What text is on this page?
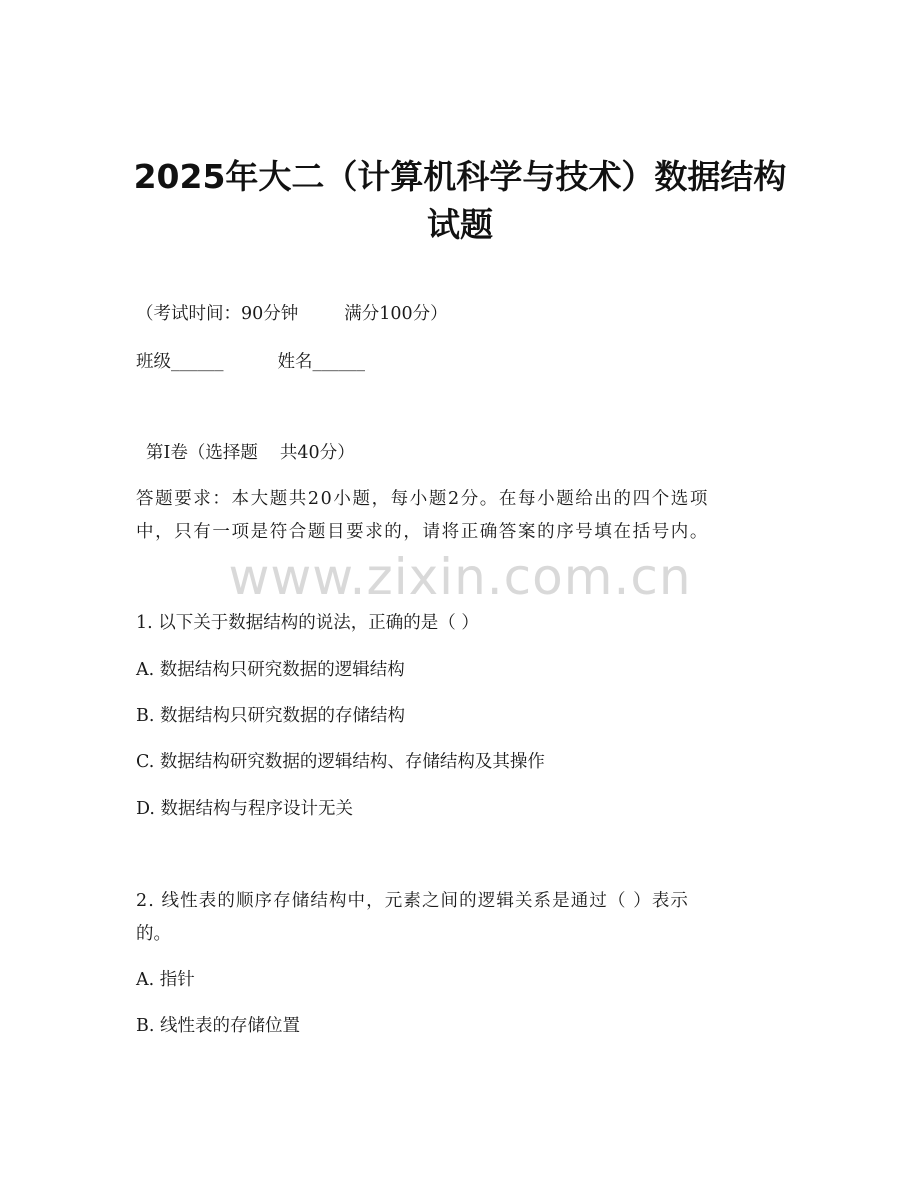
2025年大二（计算机科学与技术）数据结构
试题
（考试时间：90分钟	满分100分）
班级______	姓名______
第Ⅰ卷（选择题 共40分）
答题要求：本大题共20小题，每小题2分。在每小题给出的四个选项
中，只有一项是符合题目要求的，请将正确答案的序号填在括号内。
www.zixin.com.cn
1. 以下关于数据结构的说法，正确的是（ ）
A. 数据结构只研究数据的逻辑结构
B. 数据结构只研究数据的存储结构
C. 数据结构研究数据的逻辑结构、存储结构及其操作
D. 数据结构与程序设计无关
2. 线性表的顺序存储结构中，元素之间的逻辑关系是通过（ ）表示
的。
A. 指针
B. 线性表的存储位置
